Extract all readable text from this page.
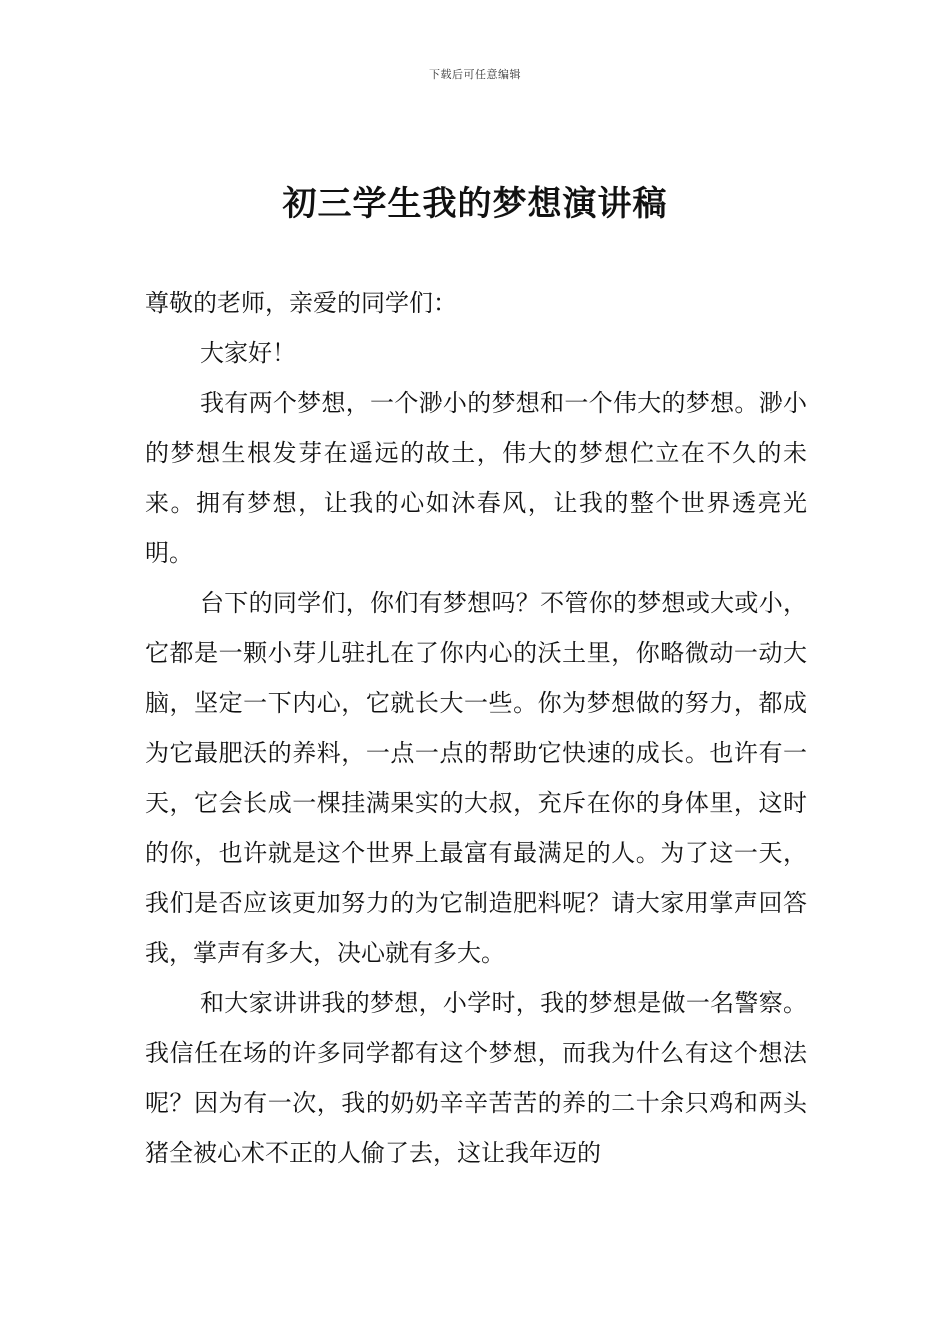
下载后可任意编辑
初三学生我的梦想演讲稿

尊敬的老师，亲爱的同学们：

大家好！

我有两个梦想，一个渺小的梦想和一个伟大的梦想。渺小的梦想生根发芽在遥远的故土，伟大的梦想伫立在不久的未来。拥有梦想，让我的心如沐春风，让我的整个世界透亮光明。

台下的同学们，你们有梦想吗？不管你的梦想或大或小，它都是一颗小芽儿驻扎在了你内心的沃土里，你略微动一动大脑，坚定一下内心，它就长大一些。你为梦想做的努力，都成为它最肥沃的养料，一点一点的帮助它快速的成长。也许有一天，它会长成一棵挂满果实的大叔，充斥在你的身体里，这时的你，也许就是这个世界上最富有最满足的人。为了这一天，我们是否应该更加努力的为它制造肥料呢？请大家用掌声回答我，掌声有多大，决心就有多大。

和大家讲讲我的梦想，小学时，我的梦想是做一名警察。我信任在场的许多同学都有这个梦想，而我为什么有这个想法呢？因为有一次，我的奶奶辛辛苦苦的养的二十余只鸡和两头猪全被心术不正的人偷了去，这让我年迈的
